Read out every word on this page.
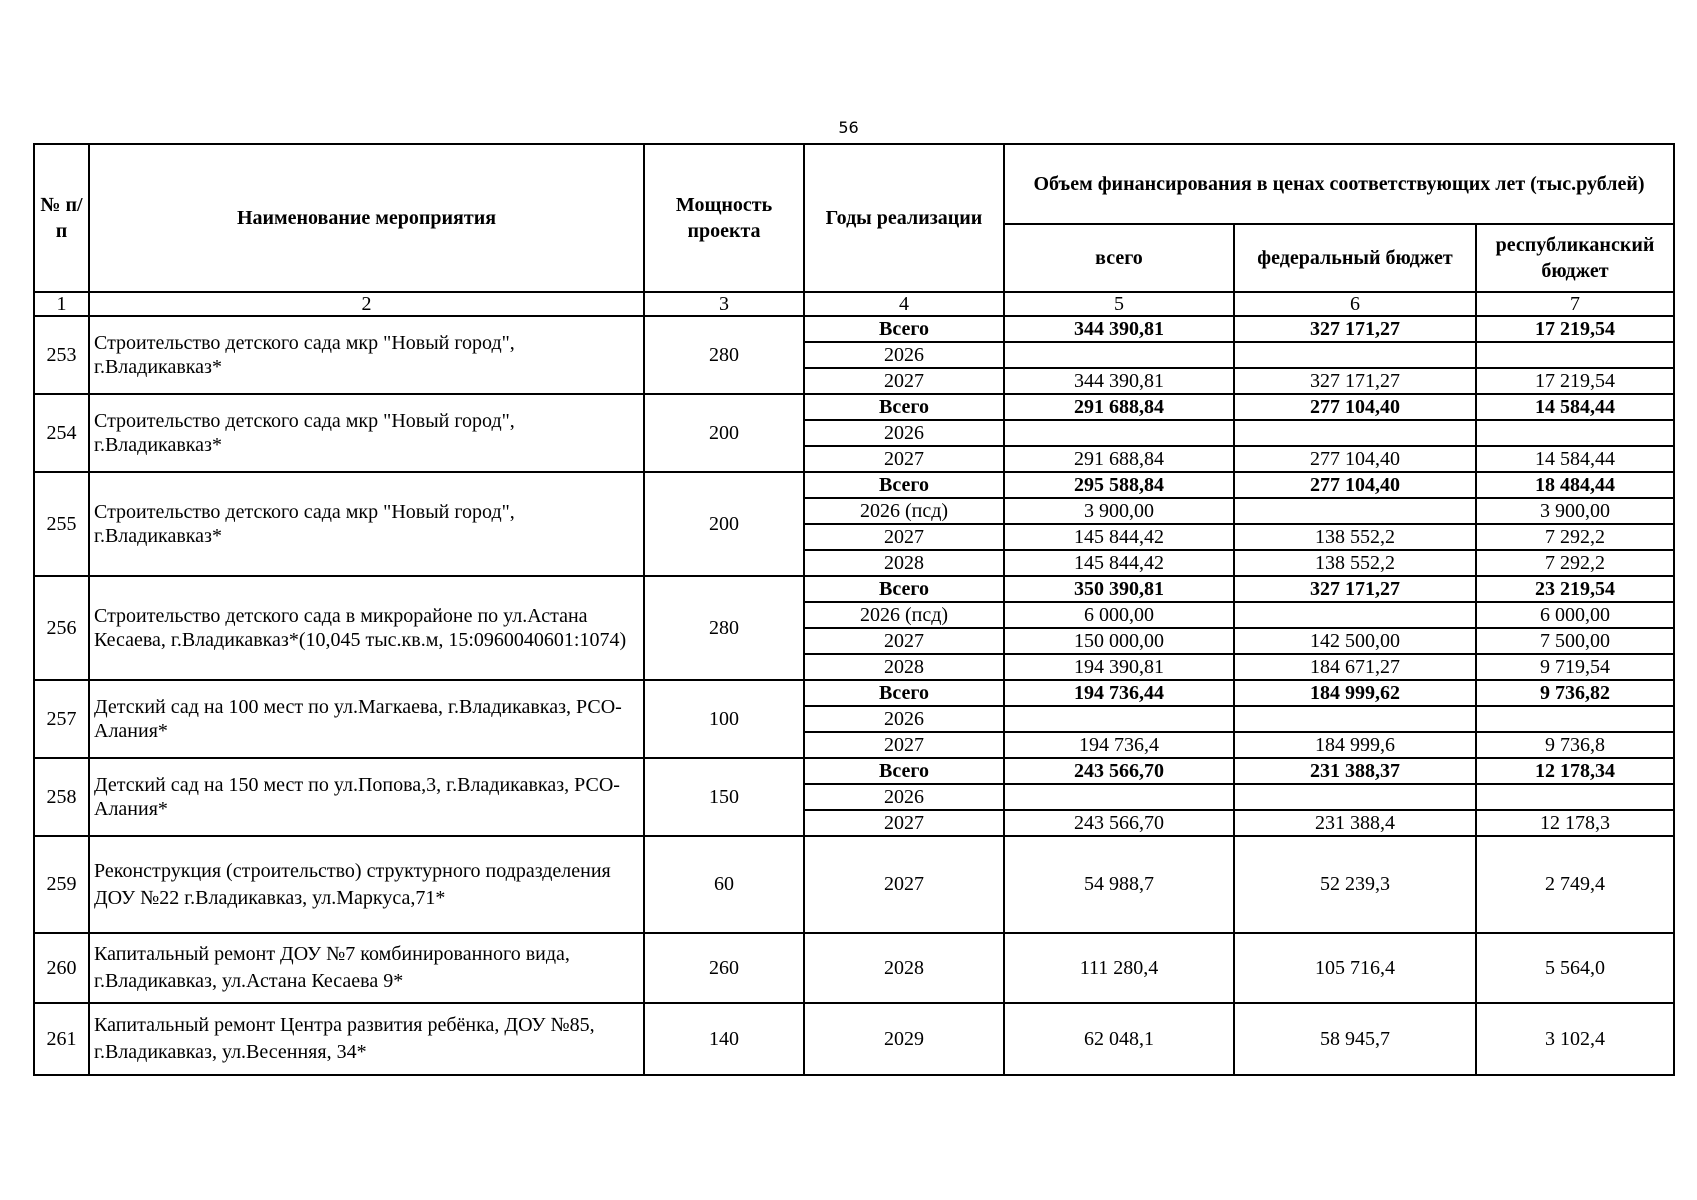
56
№ п/п	Наименование мероприятия	Мощность проекта	Годы реализации	Объем финансирования в ценах соответствующих лет (тыс.рублей)		
				всего	федеральный бюджет	республиканский бюджет
1	2	3	4	5	6	7
253	Строительство детского сада мкр "Новый город", г.Владикавказ*	280	Всего	344 390,81	327 171,27	17 219,54
			2026			
			2027	344 390,81	327 171,27	17 219,54
254	Строительство детского сада мкр "Новый город", г.Владикавказ*	200	Всего	291 688,84	277 104,40	14 584,44
			2026			
			2027	291 688,84	277 104,40	14 584,44
255	Строительство детского сада мкр "Новый город", г.Владикавказ*	200	Всего	295 588,84	277 104,40	18 484,44
			2026 (псд)	3 900,00		3 900,00
			2027	145 844,42	138 552,2	7 292,2
			2028	145 844,42	138 552,2	7 292,2
256	Строительство детского сада в микрорайоне по ул.Астана Кесаева, г.Владикавказ*(10,045 тыс.кв.м, 15:0960040601:1074)	280	Всего	350 390,81	327 171,27	23 219,54
			2026 (псд)	6 000,00		6 000,00
			2027	150 000,00	142 500,00	7 500,00
			2028	194 390,81	184 671,27	9 719,54
257	Детский сад на 100 мест по ул.Магкаева, г.Владикавказ, РСО-Алания*	100	Всего	194 736,44	184 999,62	9 736,82
			2026			
			2027	194 736,4	184 999,6	9 736,8
258	Детский сад на 150 мест по ул.Попова,3, г.Владикавказ, РСО-Алания*	150	Всего	243 566,70	231 388,37	12 178,34
			2026			
			2027	243 566,70	231 388,4	12 178,3
259	Реконструкция (строительство) структурного подразделения ДОУ №22 г.Владикавказ, ул.Маркуса,71*	60	2027	54 988,7	52 239,3	2 749,4
260	Капитальный ремонт ДОУ №7 комбинированного вида, г.Владикавказ, ул.Астана Кесаева 9*	260	2028	111 280,4	105 716,4	5 564,0
261	Капитальный ремонт Центра развития ребёнка, ДОУ №85, г.Владикавказ, ул.Весенняя, 34*	140	2029	62 048,1	58 945,7	3 102,4
